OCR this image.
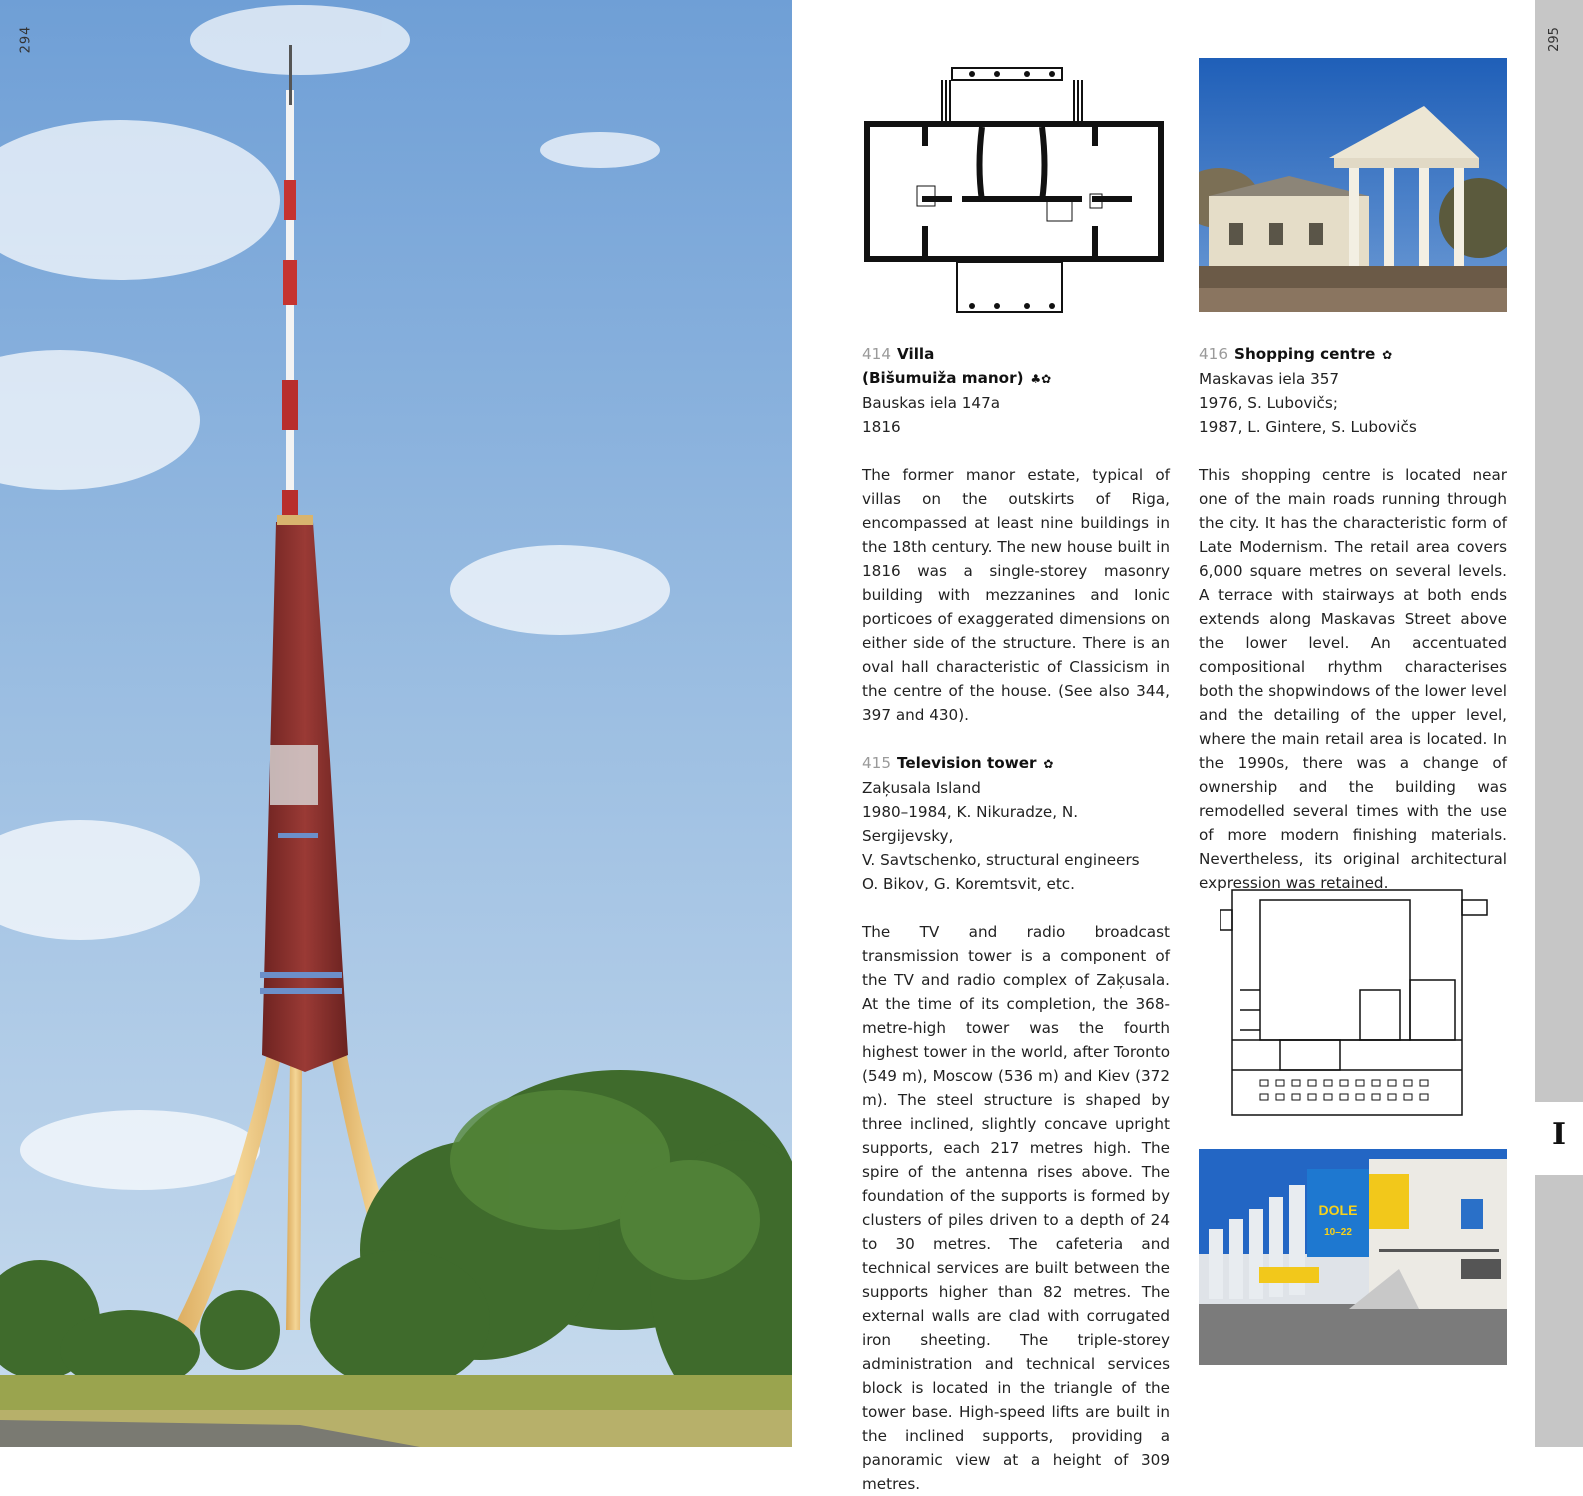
294

414 Villa

(Bišumuiža manor) ♣✿

Bauskas iela 147a

1816

The former manor estate, typical of villas on the outskirts of Riga, encompassed at least nine buildings in the 18th century. The new house built in 1816 was a single-storey masonry building with mezzanines and Ionic porticoes of exaggerated dimensions on either side of the structure. There is an oval hall characteristic of Classicism in the centre of the house. (See also 344, 397 and 430).

415 Television tower ✿

Zaķusala Island

1980–1984, K. Nikuradze, N. Sergijevsky,

V. Savtschenko, structural engineers

O. Bikov, G. Koremtsvit, etc.

The TV and radio broadcast transmission tower is a component of the TV and radio complex of Zaķusala. At the time of its completion, the 368-metre-high tower was the fourth highest tower in the world, after Toronto (549 m), Moscow (536 m) and Kiev (372 m). The steel structure is shaped by three inclined, slightly concave upright supports, each 217 metres high. The spire of the antenna rises above. The foundation of the supports is formed by clusters of piles driven to a depth of 24 to 30 metres. The cafeteria and technical services are built between the supports higher than 82 metres. The external walls are clad with corrugated iron sheeting. The triple-storey administration and technical services block is located in the triangle of the tower base. High-speed lifts are built in the inclined supports, providing a panoramic view at a height of 309 metres.

416 Shopping centre ✿

Maskavas iela 357

1976, S. Lubovičs;

1987, L. Gintere, S. Lubovičs

This shopping centre is located near one of the main roads running through the city. It has the characteristic form of Late Modernism. The retail area covers 6,000 square metres on several levels. A terrace with stairways at both ends extends along Maskavas Street above the lower level. An accentuated compositional rhythm characterises both the shopwindows of the lower level and the detailing of the upper level, where the main retail area is located. In the 1990s, there was a change of ownership and the building was remodelled several times with the use of more modern finishing materials. Nevertheless, its original architectural expression was retained.

DOLE
10–22
I
295
